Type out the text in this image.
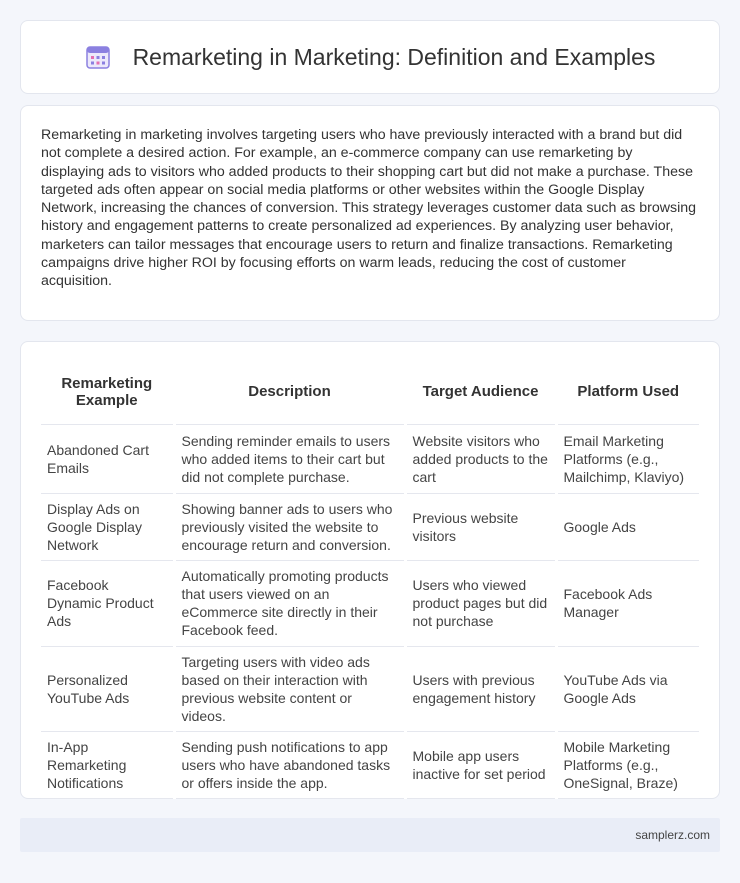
Remarketing in Marketing: Definition and Examples

Remarketing in marketing involves targeting users who have previously interacted with a brand but did not complete a desired action. For example, an e-commerce company can use remarketing by displaying ads to visitors who added products to their shopping cart but did not make a purchase. These targeted ads often appear on social media platforms or other websites within the Google Display Network, increasing the chances of conversion. This strategy leverages customer data such as browsing history and engagement patterns to create personalized ad experiences. By analyzing user behavior, marketers can tailor messages that encourage users to return and finalize transactions. Remarketing campaigns drive higher ROI by focusing efforts on warm leads, reducing the cost of customer acquisition.

Remarketing Example	Description	Target Audience	Platform Used
Abandoned Cart Emails	Sending reminder emails to users who added items to their cart but did not complete purchase.	Website visitors who added products to the cart	Email Marketing Platforms (e.g., Mailchimp, Klaviyo)
Display Ads on Google Display Network	Showing banner ads to users who previously visited the website to encourage return and conversion.	Previous website visitors	Google Ads
Facebook Dynamic Product Ads	Automatically promoting products that users viewed on an eCommerce site directly in their Facebook feed.	Users who viewed product pages but did not purchase	Facebook Ads Manager
Personalized YouTube Ads	Targeting users with video ads based on their interaction with previous website content or videos.	Users with previous engagement history	YouTube Ads via Google Ads
In-App Remarketing Notifications	Sending push notifications to app users who have abandoned tasks or offers inside the app.	Mobile app users inactive for set period	Mobile Marketing Platforms (e.g., OneSignal, Braze)
samplerz.com
